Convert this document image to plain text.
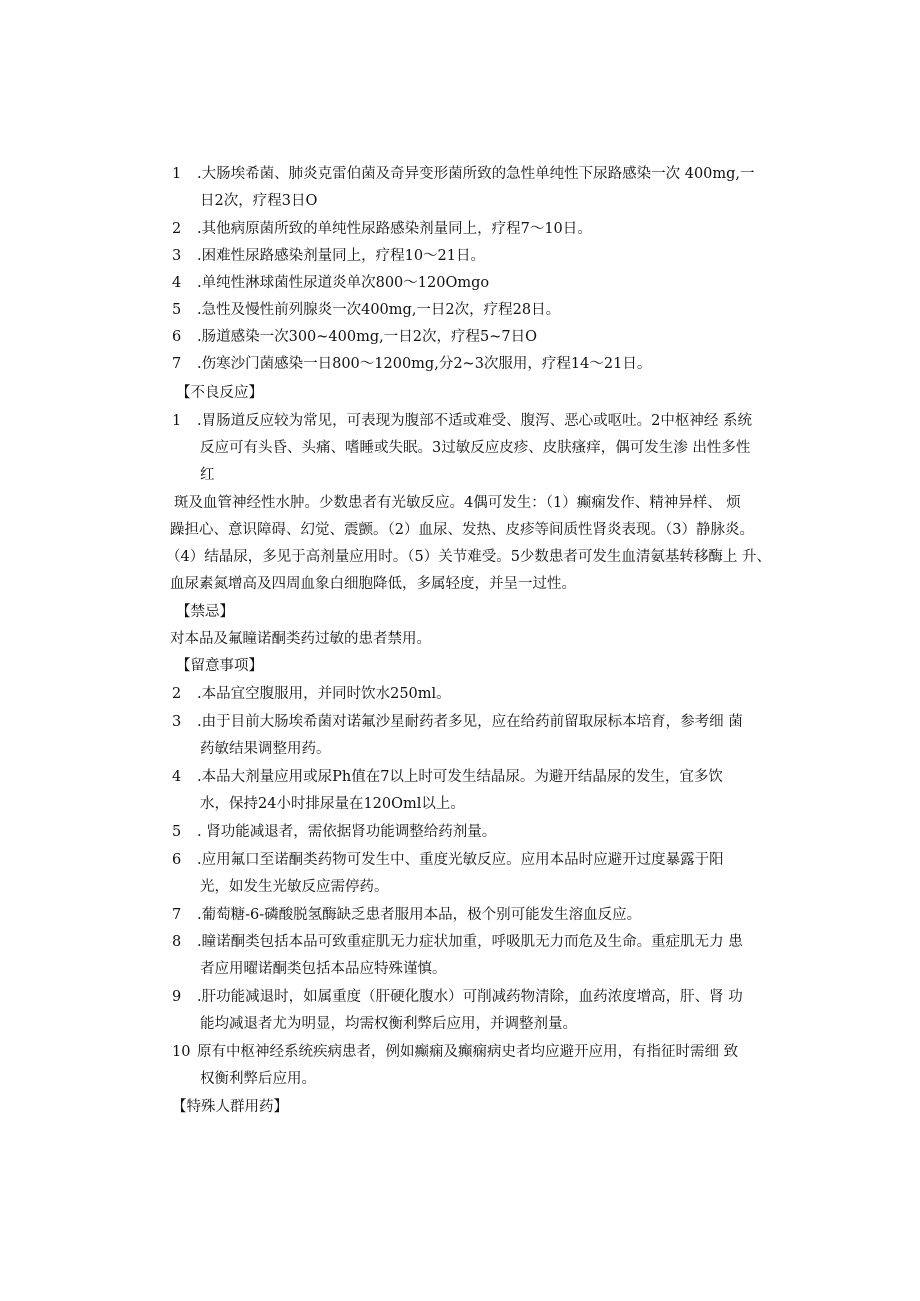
1 .大肠埃希菌、肺炎克雷伯菌及奇异变形菌所致的急性单纯性下尿路感染一次 400mg,一
日2次，疗程3日O
2 .其他病原菌所致的单纯性尿路感染剂量同上，疗程7～10日。
3 .困难性尿路感染剂量同上，疗程10～21日。
4 .单纯性淋球菌性尿道炎单次800～120Omgo
5 .急性及慢性前列腺炎一次400mg,一日2次，疗程28日。
6 .肠道感染一次300~400mg,一日2次，疗程5~7日O
7 .伤寒沙门菌感染一日800～1200mg,分2~3次服用，疗程14～21日。
【不良反应】
1 .胃肠道反应较为常见，可表现为腹部不适或难受、腹泻、恶心或呕吐。2中枢神经 系统
反应可有头昏、头痛、嗜睡或失眠。3过敏反应皮疹、皮肤瘙痒，偶可发生渗 出性多性
红
斑及血管神经性水肿。少数患者有光敏反应。4偶可发生：（1）癫痫发作、精神异样、 烦
躁担心、意识障碍、幻觉、震颤。（2）血尿、发热、皮疹等间质性肾炎表现。（3）静脉炎。
（4）结晶尿，多见于高剂量应用时。（5）关节难受。5少数患者可发生血清氨基转移酶上 升、
血尿素氮增高及四周血象白细胞降低，多属轻度，并呈一过性。
【禁忌】
对本品及氟瞳诺酮类药过敏的患者禁用。
【留意事项】
2 .本品宜空腹服用，并同时饮水250ml。
3 .由于目前大肠埃希菌对诺氟沙星耐药者多见，应在给药前留取尿标本培育，参考细 菌
药敏结果调整用药。
4 .本品大剂量应用或尿Ph值在7以上时可发生结晶尿。为避开结晶尿的发生，宜多饮
水，保持24小时排尿量在120Oml以上。
5 . 肾功能减退者，需依据肾功能调整给药剂量。
6 .应用氟口至诺酮类药物可发生中、重度光敏反应。应用本品时应避开过度暴露于阳
光，如发生光敏反应需停药。
7 .葡萄糖-6-磷酸脱氢酶缺乏患者服用本品，极个别可能发生溶血反应。
8 .瞳诺酮类包括本品可致重症肌无力症状加重，呼吸肌无力而危及生命。重症肌无力 患
者应用曜诺酮类包括本品应特殊谨慎。
9 .肝功能减退时，如属重度（肝硬化腹水）可削减药物清除，血药浓度增高，肝、肾 功
能均减退者尤为明显，均需权衡利弊后应用，并调整剂量。
10 原有中枢神经系统疾病患者，例如癫痫及癫痫病史者均应避开应用，有指征时需细 致
权衡利弊后应用。
【特殊人群用药】
